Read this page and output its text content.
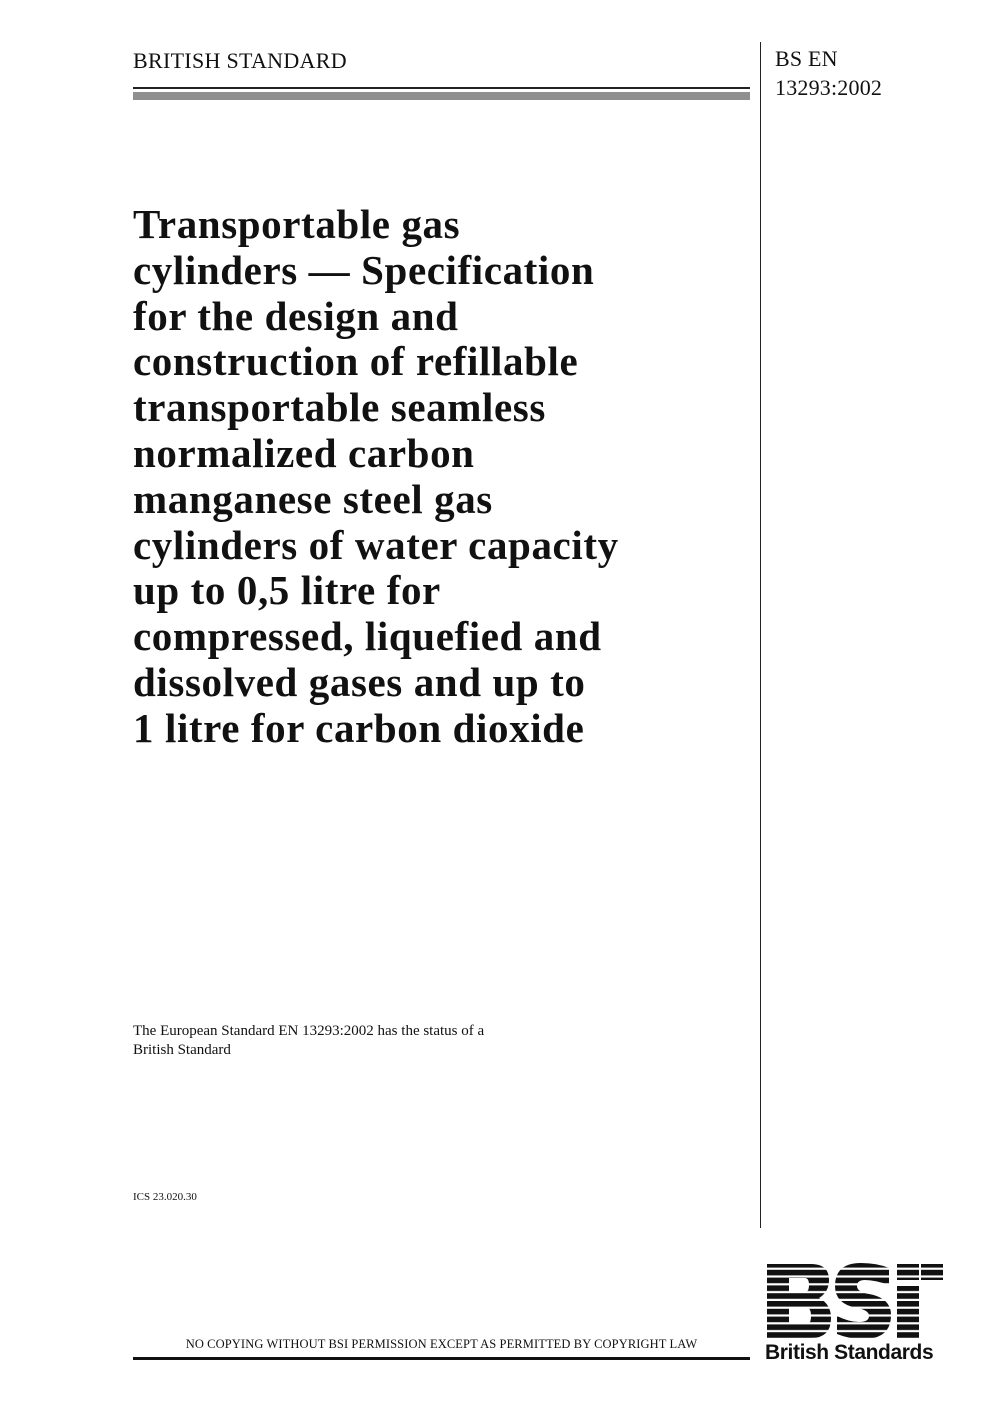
BRITISH STANDARD	BS EN
13293:2002
Transportable gas
cylinders — Specification
for the design and
construction of refillable
transportable seamless
normalized carbon
manganese steel gas
cylinders of water capacity
up to 0,5 litre for
compressed, liquefied and
dissolved gases and up to
1 litre for carbon dioxide
The European Standard EN 13293:2002 has the status of a
British Standard
ICS 23.020.30
NO COPYING WITHOUT BSI PERMISSION EXCEPT AS PERMITTED BY COPYRIGHT LAW	British Standards
